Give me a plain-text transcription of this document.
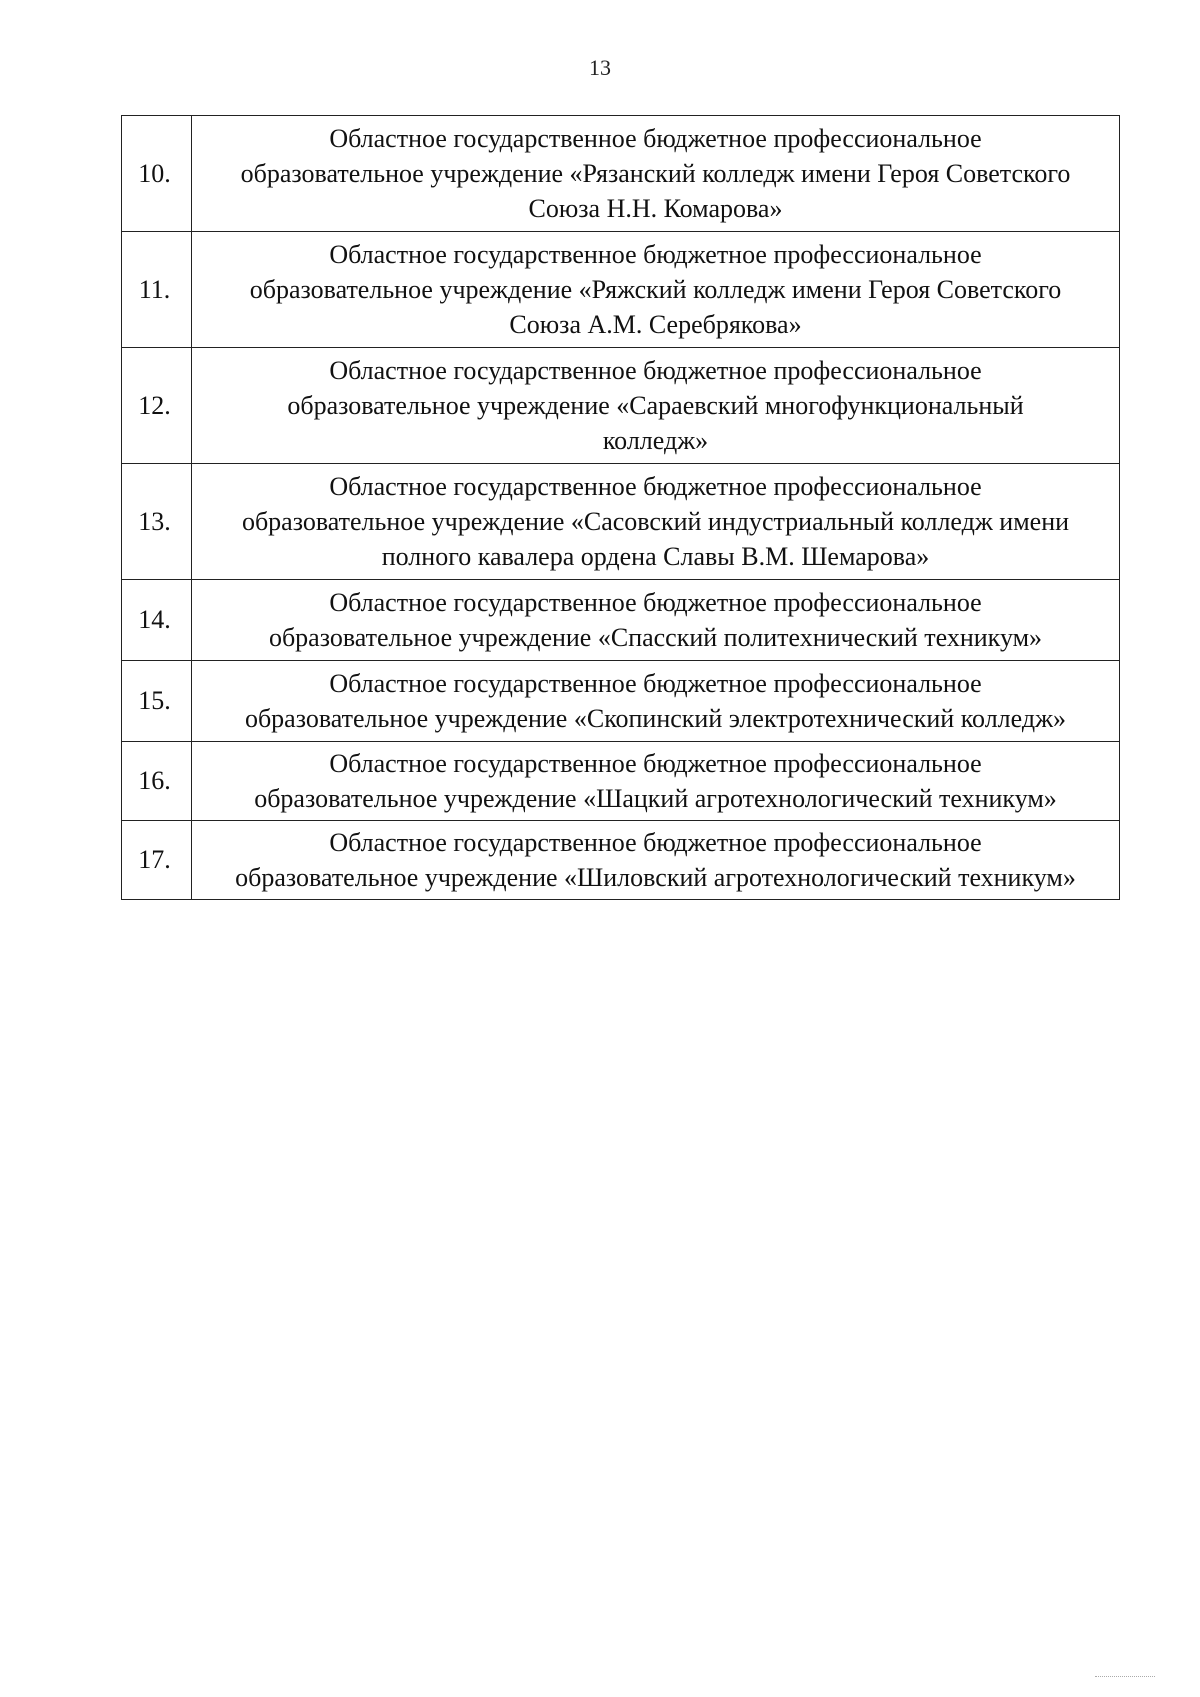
13
10.	Областное государственное бюджетное профессиональное
образовательное учреждение «Рязанский колледж имени Героя Советского
Союза Н.Н. Комарова»

11.	Областное государственное бюджетное профессиональное
образовательное учреждение «Ряжский колледж имени Героя Советского
Союза А.М. Серебрякова»

12.	Областное государственное бюджетное профессиональное
образовательное учреждение «Сараевский многофункциональный
колледж»

13.	Областное государственное бюджетное профессиональное
образовательное учреждение «Сасовский индустриальный колледж имени
полного кавалера ордена Славы В.М. Шемарова»

14.	Областное государственное бюджетное профессиональное
образовательное учреждение «Спасский политехнический техникум»

15.	Областное государственное бюджетное профессиональное
образовательное учреждение «Скопинский электротехнический колледж»

16.	Областное государственное бюджетное профессиональное
образовательное учреждение «Шацкий агротехнологический техникум»

17.	Областное государственное бюджетное профессиональное
образовательное учреждение «Шиловский агротехнологический техникум»
